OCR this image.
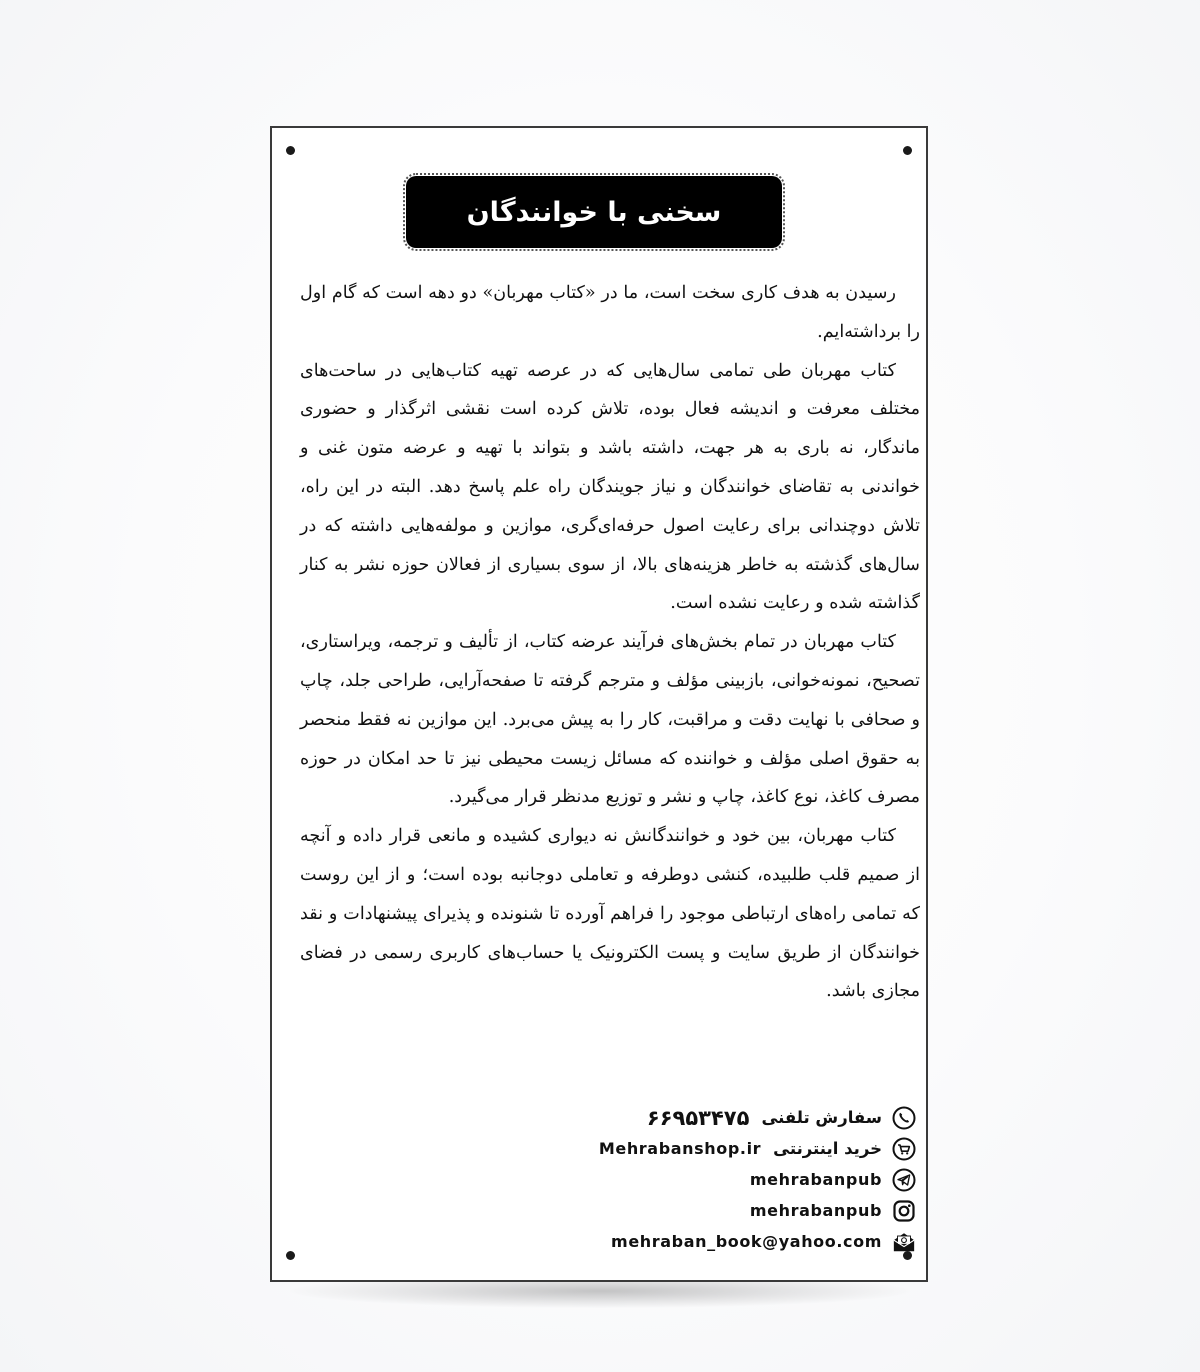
سخنی با خوانندگان

رسیدن به هدف کاری سخت است، ما در «کتاب مهربان» دو دهه است که گام اول را برداشته‌ایم.

کتاب مهربان طی تمامی سال‌هایی که در عرصه تهیه کتاب‌هایی در ساحت‌های مختلف معرفت و اندیشه فعال بوده، تلاش کرده است نقشی اثرگذار و حضوری ماندگار، نه باری به هر جهت، داشته باشد و بتواند با تهیه و عرضه متون غنی و خواندنی به تقاضای خوانندگان و نیاز جویندگان راه علم پاسخ دهد. البته در این راه، تلاش دوچندانی برای رعایت اصول حرفه‌ای‌گری، موازین و مولفه‌هایی داشته که در سال‌های گذشته به خاطر هزینه‌های بالا، از سوی بسیاری از فعالان حوزه نشر به کنار گذاشته شده و رعایت نشده است.

کتاب مهربان در تمام بخش‌های فرآیند عرضه کتاب، از تألیف و ترجمه، ویراستاری، تصحیح، نمونه‌خوانی، بازبینی مؤلف و مترجم گرفته تا صفحه‌آرایی، طراحی جلد، چاپ و صحافی با نهایت دقت و مراقبت، کار را به پیش می‌برد. این موازین نه فقط منحصر به حقوق اصلی مؤلف و خواننده که مسائل زیست محیطی نیز تا حد امکان در حوزه مصرف کاغذ، نوع کاغذ، چاپ و نشر و توزیع مدنظر قرار می‌گیرد.

کتاب مهربان، بین خود و خوانندگانش نه دیواری کشیده و مانعی قرار داده و آنچه از صمیم قلب طلبیده، کنشی دوطرفه و تعاملی دوجانبه بوده است؛ و از این روست که تمامی راه‌های ارتباطی موجود را فراهم آورده تا شنونده و پذیرای پیشنهادات و نقد خوانندگان از طریق سایت و پست الکترونیک یا حساب‌های کاربری رسمی در فضای مجازی باشد.

سفارش تلفنی
۶۶۹۵۳۴۷۵
خرید اینترنتی
Mehrabanshop.ir
mehrabanpub
mehrabanpub
mehraban_book@yahoo.com
